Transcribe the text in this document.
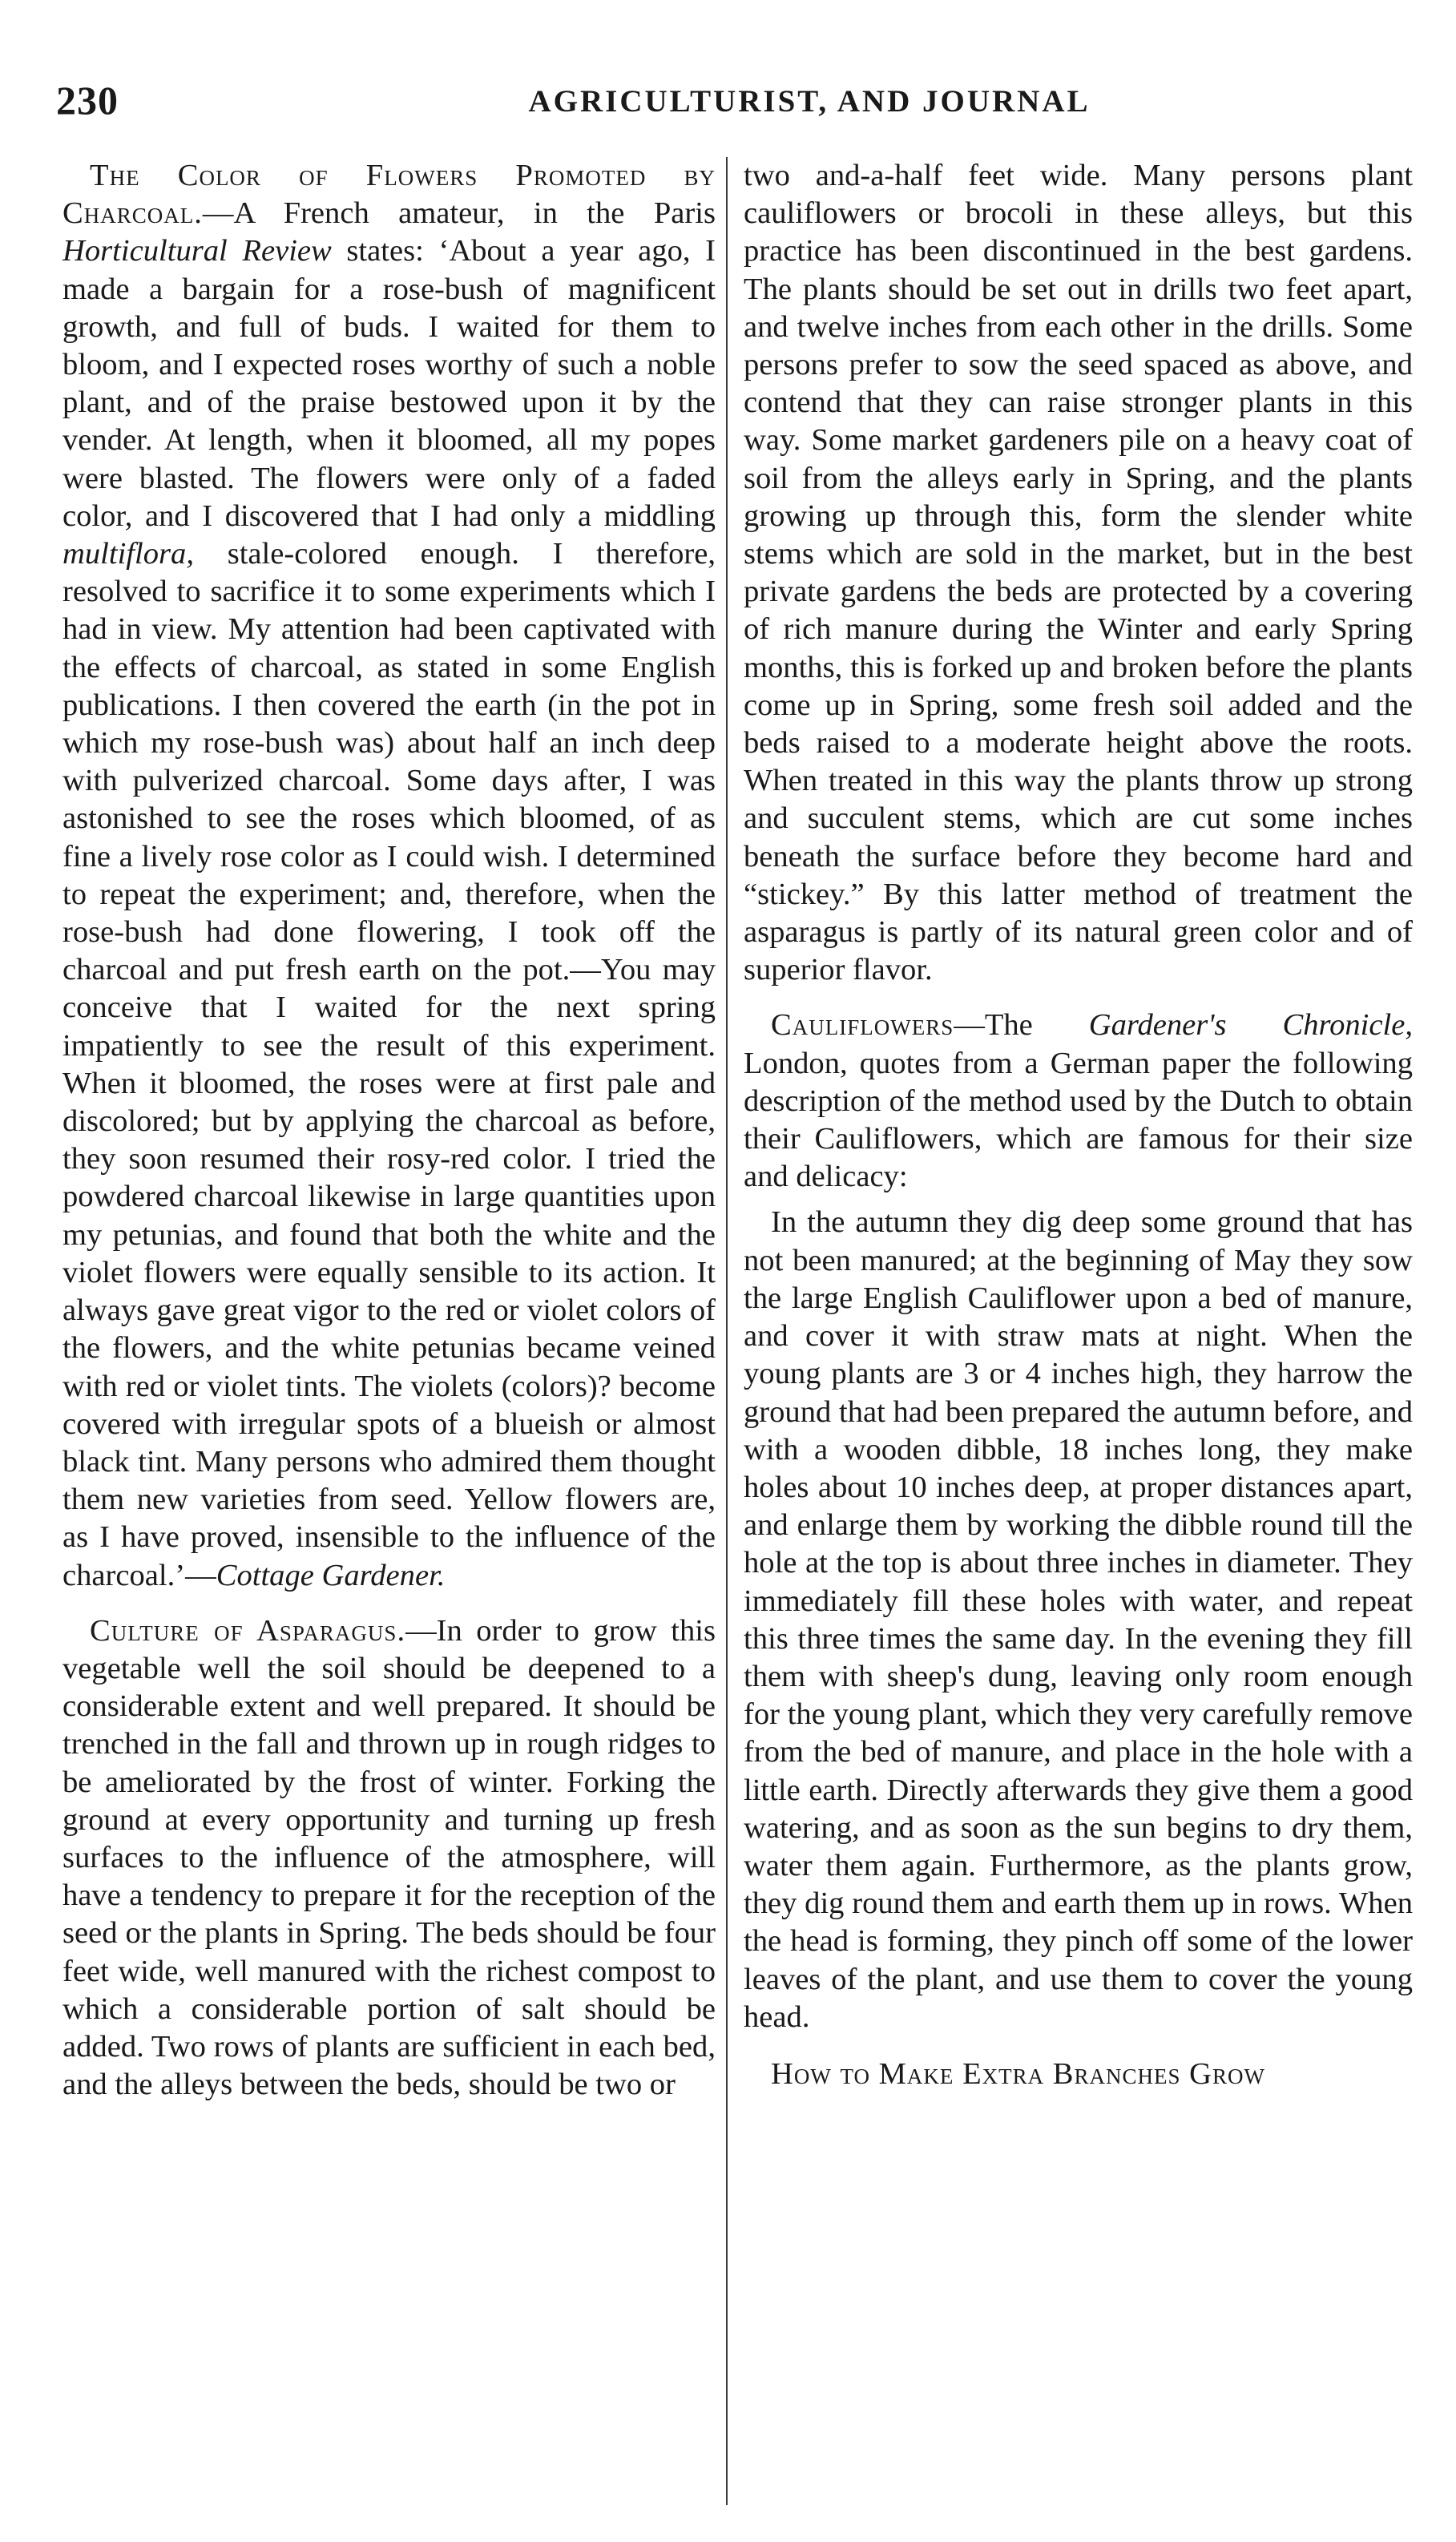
230	AGRICULTURIST, AND JOURNAL

The Color of Flowers Promoted by Charcoal.—A French amateur, in the Paris Horticultural Review states: ‘About a year ago, I made a bargain for a rose-bush of magnificent growth, and full of buds. I waited for them to bloom, and I expected roses worthy of such a noble plant, and of the praise bestowed upon it by the vender. At length, when it bloomed, all my popes were blasted. The flowers were only of a faded color, and I discovered that I had only a middling multiflora, stale-colored enough. I therefore, resolved to sacrifice it to some experiments which I had in view. My attention had been captivated with the effects of charcoal, as stated in some English publications. I then covered the earth (in the pot in which my rose-bush was) about half an inch deep with pulverized charcoal. Some days after, I was astonished to see the roses which bloomed, of as fine a lively rose color as I could wish. I determined to repeat the experiment; and, therefore, when the rose-bush had done flowering, I took off the charcoal and put fresh earth on the pot.—You may conceive that I waited for the next spring impatiently to see the result of this experiment. When it bloomed, the roses were at first pale and discolored; but by applying the charcoal as before, they soon resumed their rosy-red color. I tried the powdered charcoal likewise in large quantities upon my petunias, and found that both the white and the violet flowers were equally sensible to its action. It always gave great vigor to the red or violet colors of the flowers, and the white petunias became veined with red or violet tints. The violets (colors)? become covered with irregular spots of a blueish or almost black tint. Many persons who admired them thought them new varieties from seed. Yellow flowers are, as I have proved, insensible to the influence of the charcoal.’—Cottage Gardener.

Culture of Asparagus.—In order to grow this vegetable well the soil should be deepened to a considerable extent and well prepared. It should be trenched in the fall and thrown up in rough ridges to be ameliorated by the frost of winter. Forking the ground at every opportunity and turning up fresh surfaces to the influence of the atmosphere, will have a tendency to prepare it for the reception of the seed or the plants in Spring. The beds should be four feet wide, well manured with the richest compost to which a considerable portion of salt should be added. Two rows of plants are sufficient in each bed, and the alleys between the beds, should be two or

two and-a-half feet wide. Many persons plant cauliflowers or brocoli in these alleys, but this practice has been discontinued in the best gardens. The plants should be set out in drills two feet apart, and twelve inches from each other in the drills. Some persons prefer to sow the seed spaced as above, and contend that they can raise stronger plants in this way. Some market gardeners pile on a heavy coat of soil from the alleys early in Spring, and the plants growing up through this, form the slender white stems which are sold in the market, but in the best private gardens the beds are protected by a covering of rich manure during the Winter and early Spring months, this is forked up and broken before the plants come up in Spring, some fresh soil added and the beds raised to a moderate height above the roots. When treated in this way the plants throw up strong and succulent stems, which are cut some inches beneath the surface before they become hard and “stickey.” By this latter method of treatment the asparagus is partly of its natural green color and of superior flavor.

Cauliflowers—The Gardener's Chronicle, London, quotes from a German paper the following description of the method used by the Dutch to obtain their Cauliflowers, which are famous for their size and delicacy:

In the autumn they dig deep some ground that has not been manured; at the beginning of May they sow the large English Cauliflower upon a bed of manure, and cover it with straw mats at night. When the young plants are 3 or 4 inches high, they harrow the ground that had been prepared the autumn before, and with a wooden dibble, 18 inches long, they make holes about 10 inches deep, at proper distances apart, and enlarge them by working the dibble round till the hole at the top is about three inches in diameter. They immediately fill these holes with water, and repeat this three times the same day. In the evening they fill them with sheep's dung, leaving only room enough for the young plant, which they very carefully remove from the bed of manure, and place in the hole with a little earth. Directly afterwards they give them a good watering, and as soon as the sun begins to dry them, water them again. Furthermore, as the plants grow, they dig round them and earth them up in rows. When the head is forming, they pinch off some of the lower leaves of the plant, and use them to cover the young head.

How to Make Extra Branches Grow
